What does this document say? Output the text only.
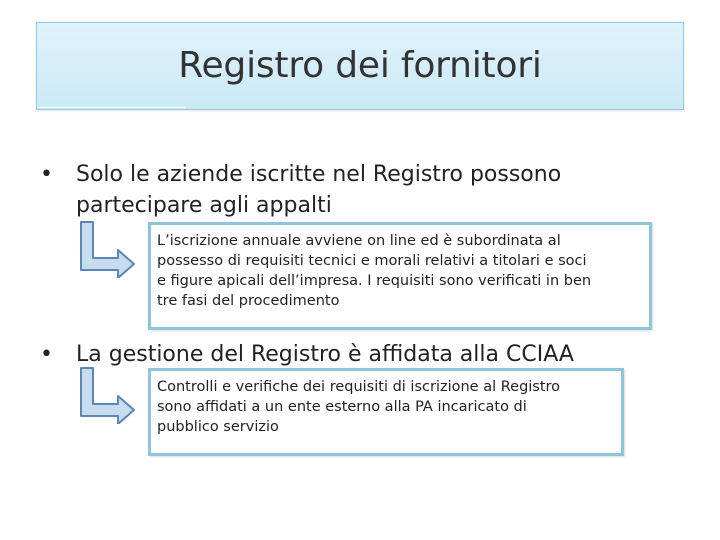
Registro dei fornitori
• Solo le aziende iscritte nel Registro possono
partecipare agli appalti
L’iscrizione annuale avviene on line ed è subordinata al
possesso di requisiti tecnici e morali relativi a titolari e soci
e figure apicali dell’impresa. I requisiti sono verificati in ben
tre fasi del procedimento
• La gestione del Registro è affidata alla CCIAA
Controlli e verifiche dei requisiti di iscrizione al Registro
sono affidati a un ente esterno alla PA incaricato di
pubblico servizio
